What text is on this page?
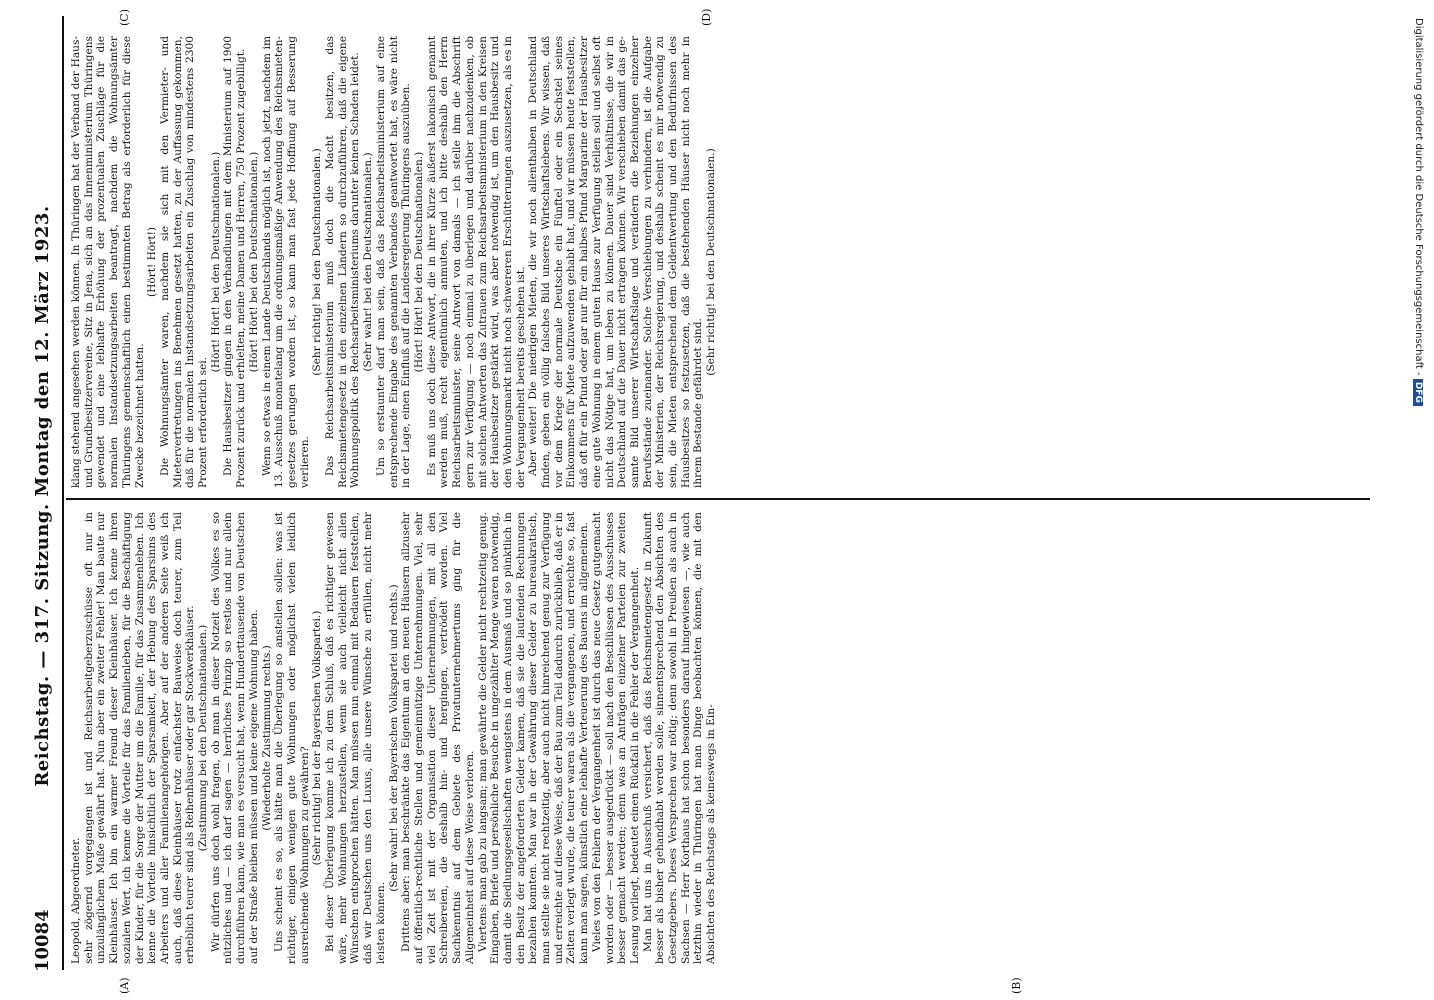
10084
Reichstag. — 317. Sitzung. Montag den 12. März 1923.
(A)	(B)
(C)	(D)

Leopold, Abgeordneter. sehr zögernd vorgegangen ist und Reichsarbeitgeberzuschüsse oft nur in unzulänglichem Maße gewährt hat. Nun aber ein zweiter Fehler! Man baute nur Kleinhäuser. Ich bin ein warmer Freund dieser Kleinhäuser. Ich kenne ihren sozialen Wert, ich kenne die Vorteile für das Familienleben, für die Beschäftigung der Kinder, für die Sorge der Mutter um die Familie, für das Zusammenleben. Ich kenne die Vorteile hinsichtlich der Sparsamkeit, der Hebung des Sparsinns des Arbeiters und aller Familienangehörigen. Aber auf der anderen Seite weiß ich auch, daß diese Kleinhäuser trotz einfachster Bauweise doch teurer, zum Teil erheblich teurer sind als Reihenhäuser oder gar Stockwerkhäuser. (Zustimmung bei den Deutschnationalen.) Wir dürfen uns doch wohl fragen, ob man in dieser Notzeit des Volkes es so nützliches und — ich darf sagen — herrliches Prinzip so restlos und nur allein durchführen kann, wie man es versucht hat, wenn Hunderttausende von Deutschen auf der Straße bleiben müssen und keine eigene Wohnung haben. (Wiederholte Zustimmung rechts.) Uns scheint es so, als hätte man die Überlegung so anstellen sollen: was ist richtiger, einigen wenigen gute Wohnungen oder möglichst vielen leidlich ausreichende Wohnungen zu gewähren? (Sehr richtig! bei der Bayerischen Volkspartei.) Bei dieser Überlegung komme ich zu dem Schluß, daß es richtiger gewesen wäre, mehr Wohnungen herzustellen, wenn sie auch vielleicht nicht allen Wünschen entsprochen hätten. Man müssen nun einmal mit Bedauern feststellen, daß wir Deutschen uns den Luxus, alle unsere Wünsche zu erfüllen, nicht mehr leisten können.

(Sehr wahr! bei der Bayerischen Volkspartei und rechts.) Drittens aber: man beschränkte das Eigentum an den neuen Häusern allzusehr auf öffentlich-rechtliche Stellen und gemeinnützige Unternehmungen. Viel, sehr viel Zeit ist mit der Organisation dieser Unternehmungen, mit all den Schreibereien, die deshalb hin- und hergingen, vertrödelt worden. Viel Sachkenntnis auf dem Gebiete des Privatunternehmertums ging für die Allgemeinheit auf diese Weise verloren. Viertens: man gab zu langsam; man gewährte die Gelder nicht rechtzeitig genug. Eingaben, Briefe und persönliche Besuche in ungezählter Menge waren notwendig, damit die Siedlungsgesellschaften wenigstens in dem Ausmaß und so pünktlich in den Besitz der angeforderten Gelder kamen, daß sie die laufenden Rechnungen bezahlen konnten. Man war in der Gewährung dieser Gelder zu bureaukratisch, man stellte sie nicht rechtzeitig, aber auch nicht hinreichend genug zur Verfügung und erreichte auf diese Weise, daß der Bau zum Teil dadurch zurückblieb, daß er in Zeiten verlegt wurde, die teurer waren als die vergangenen, und erreichte so, fast kann man sagen, künstlich eine lebhafte Verteuerung des Bauens im allgemeinen. Vieles von den Fehlern der Vergangenheit ist durch das neue Gesetz gutgemacht worden oder — besser ausgedrückt — soll nach den Beschlüssen des Ausschusses besser gemacht werden; denn was an Anträgen einzelner Parteien zur zweiten Lesung vorliegt, bedeutet einen Rückfall in die Fehler der Vergangenheit. Man hat uns in Ausschuß versichert, daß das Reichsmietengesetz in Zukunft besser als bisher gehandhabt werden solle, sinnentsprechend den Absichten des Gesetzgebers. Dieses Versprechen war nötig; denn sowohl in Preußen als auch in Sachsen — Herr Korthaus hat schon besonders darauf hingewiesen —, wie auch letzthin wieder in Thüringen hat man Dinge beobachten können, die mit den Absichten des Reichstags als keineswegs in Ein-

klang stehend angesehen werden können. In Thüringen hat der Verband der Haus- und Grundbesitzervereine, Sitz in Jena, sich an das Innenministerium Thüringens gewendet und eine lebhafte Erhöhung der prozentualen Zuschläge für die normalen Instandsetzungsarbeiten beantragt, nachdem die Wohnungsämter Thüringens gemeinschaftlich einen bestimmten Betrag als erforderlich für diese Zwecke bezeichnet hatten.

(Hört! Hört!) Die Wohnungsämter waren, nachdem sie sich mit den Vermieter- und Mietervertretungen ins Benehmen gesetzt hatten, zu der Auffassung gekommen, daß für die normalen Instandsetzungsarbeiten ein Zuschlag von mindestens 2300 Prozent erforderlich sei.

(Hört! Hört! bei den Deutschnationalen.) Die Hausbesitzer gingen in den Verhandlungen mit dem Ministerium auf 1900 Prozent zurück und erhielten, meine Damen und Herren, 750 Prozent zugebilligt. (Hört! Hört! bei den Deutschnationalen.) Wenn so etwas in einem Lande Deutschlands möglich ist, noch jetzt, nachdem im 13. Ausschuß monatelang um die ordnungsmäßige Anwendung des Reichsmietengesetzes gerungen worden ist, so kann man fast jede Hoffnung auf Besserung verlieren.

(Sehr richtig! bei den Deutschnationalen.) Das Reichsarbeitsministerium muß doch die Macht besitzen, das Reichsmietengesetz in den einzelnen Ländern so durchzuführen, daß die eigene Wohnungspolitik des Reichsarbeitsministeriums darunter keinen Schaden leidet. (Sehr wahr! bei den Deutschnationalen.) Um so erstaunter darf man sein, daß das Reichsarbeitsministerium auf eine entsprechende Eingabe des genannten Verbandes geantwortet hat, es wäre nicht in der Lage, einen Einfluß auf die Landesregierung Thüringens auszuüben. (Hört! Hört! bei den Deutschnationalen.) Es muß uns doch diese Antwort, die in ihrer Kürze äußerst lakonisch genannt werden muß, recht eigentümlich anmuten, und ich bitte deshalb den Herrn Reichsarbeitsminister, seine Antwort von damals — ich stelle ihm die Abschrift gern zur Verfügung — noch einmal zu überlegen und darüber nachzudenken, ob mit solchen Antworten das Zutrauen zum Reichsarbeitsministerium in den Kreisen der Hausbesitzer gestärkt wird, was aber notwendig ist, um den Hausbesitz und den Wohnungsmarkt nicht noch schwereren Erschütterungen auszusetzen, als es in der Vergangenheit bereits geschehen ist. Aber weiter! Die niedrigen Mieten, die wir noch allenthalben in Deutschland finden, geben ein völlig falsches Bild unseres Wirtschaftslebens. Wir wissen, daß vor dem Kriege der normale Deutsche ein Fünftel oder ein Sechstel seines Einkommens für Miete aufzuwenden gehabt hat, und wir müssen heute feststellen, daß oft für ein Pfund oder gar nur für ein halbes Pfund Margarine der Hausbesitzer eine gute Wohnung in einem guten Hause zur Verfügung stellen soll und selbst oft nicht das Nötige hat, um leben zu können. Dauer sind Verhältnisse, die wir in Deutschland auf die Dauer nicht ertragen können. Wir verschieben damit das gesamte Bild unserer Wirtschaftslage und verändern die Beziehungen einzelner Berufsstände zueinander. Solche Verschiebungen zu verhindern, ist die Aufgabe der Ministerien, der Reichsregierung, und deshalb scheint es mir notwendig zu sein, die Mieten entsprechend dem Geldentwertung und den Bedürfnissen des Hausbesitzes so festzusetzen, daß die bestehenden Häuser nicht noch mehr in ihrem Bestande gefährdet sind.

(Sehr richtig! bei den Deutschnationalen.)	Digitalisierung gefördert durch die Deutsche Forschungsgemeinschaft - DFG
